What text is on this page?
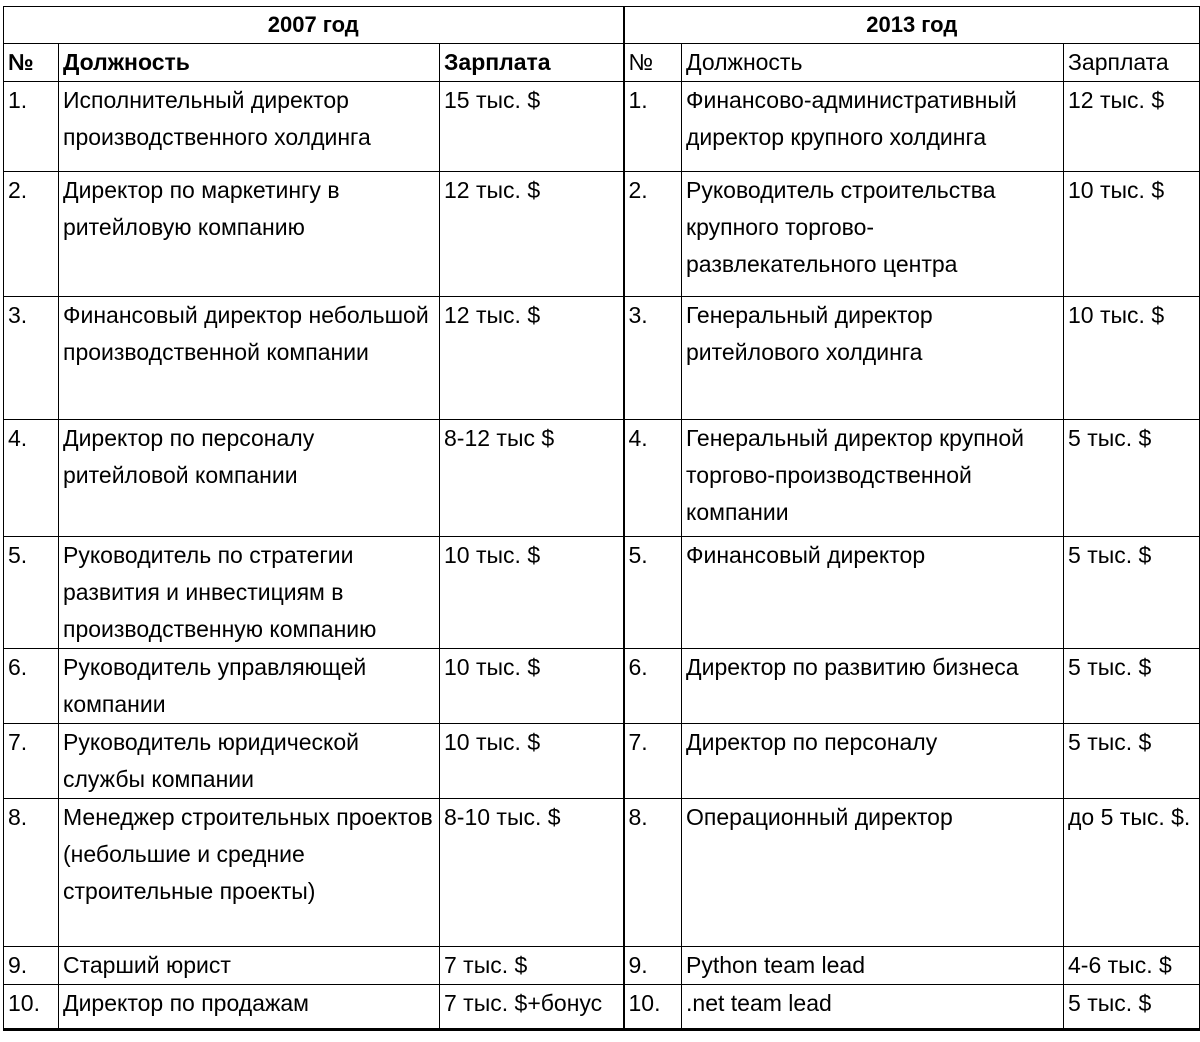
2007 год			2013 год		
№	Должность	Зарплата	№	Должность	Зарплата
1.	Исполнительный директор производственного холдинга	15 тыс. $	1.	Финансово-административный директор крупного холдинга	12 тыс. $
2.	Директор по маркетингу в ритейловую компанию	12 тыс. $	2.	Руководитель строительства крупного торгово-развлекательного центра	10 тыс. $
3.	Финансовый директор небольшой производственной компании	12 тыс. $	3.	Генеральный директор ритейлового холдинга	10 тыс. $
4.	Директор по персоналу ритейловой компании	8-12 тыс $	4.	Генеральный директор крупной торгово-производственной компании	5 тыс. $
5.	Руководитель по стратегии развития и инвестициям в производственную компанию	10 тыс. $	5.	Финансовый директор	5 тыс. $
6.	Руководитель управляющей компании	10 тыс. $	6.	Директор по развитию бизнеса	5 тыс. $
7.	Руководитель юридической службы компании	10 тыс. $	7.	Директор по персоналу	5 тыс. $
8.	Менеджер строительных проектов (небольшие и средние строительные проекты)	8-10 тыс. $	8.	Операционный директор	до 5 тыс. $.
9.	Старший юрист	7 тыс. $	9.	Python team lead	4-6 тыс. $
10.	Директор по продажам	7 тыс. $+бонус	10.	.net team lead	5 тыс. $
